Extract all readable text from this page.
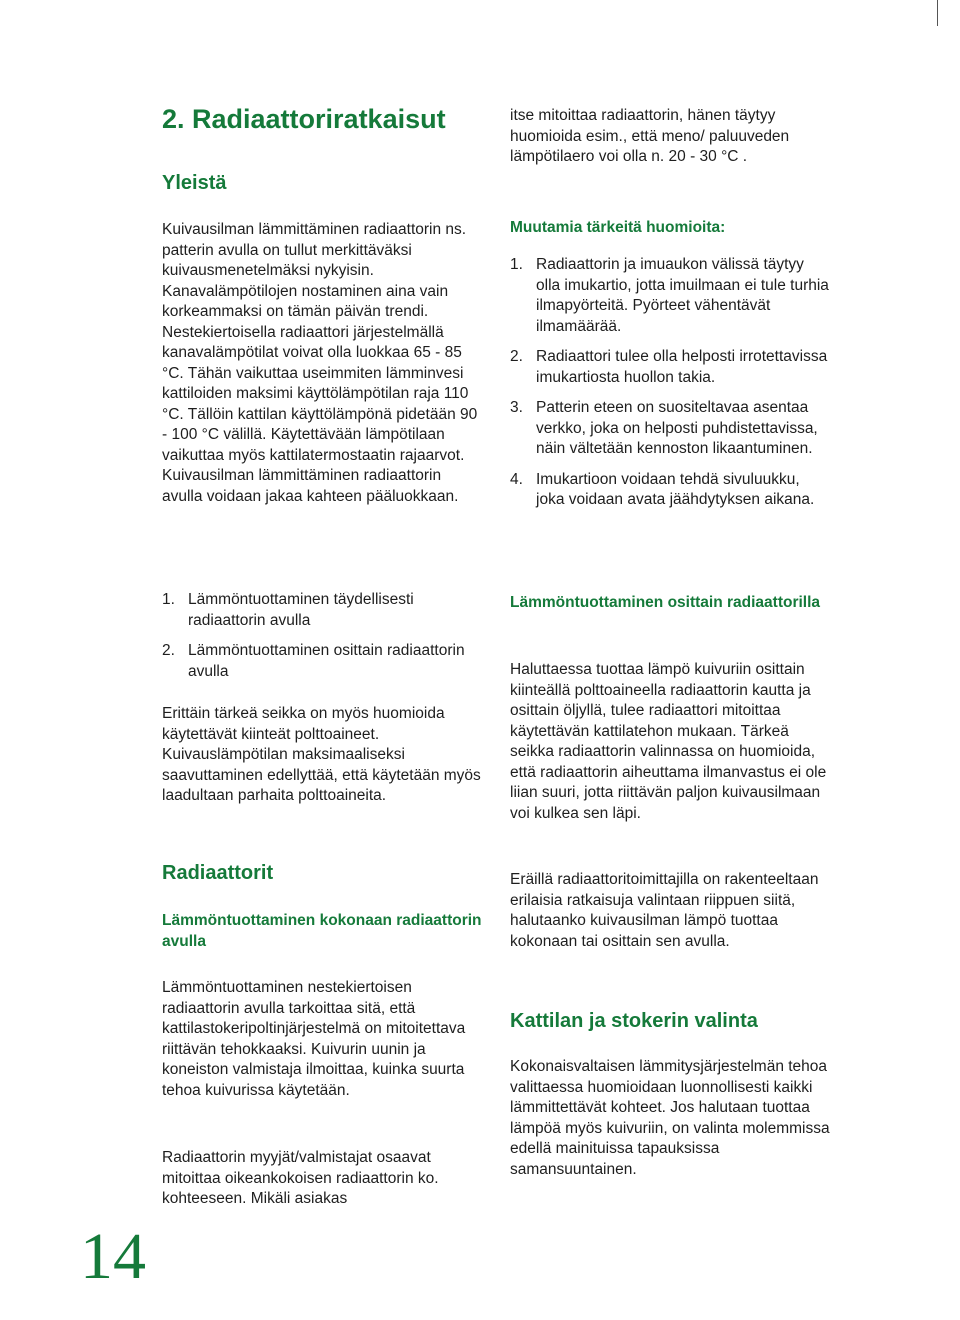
2. Radiaattoriratkaisut
Yleistä

Kuivausilman lämmittäminen radiaattorin ns. patterin avulla on tullut merkittäväksi kuivausmenetelmäksi nykyisin. Kanavalämpötilojen nostaminen aina vain korkeammaksi on tämän päivän trendi. Nestekiertoisella radiaattori järjestelmällä kanavalämpötilat voivat olla luokkaa 65 - 85 °C. Tähän vaikuttaa useimmiten lämminvesi kattiloiden maksimi käyttölämpötilan raja 110 °C. Tällöin kattilan käyttölämpönä pidetään 90 - 100 °C välillä. Käytettävään lämpötilaan vaikuttaa myös kattilatermostaatin rajaarvot. Kuivausilman lämmittäminen radiaattorin avulla voidaan jakaa kahteen pääluokkaan.

1. Lämmöntuottaminen täydellisesti radiaattorin avulla
2. Lämmöntuottaminen osittain radiaattorin avulla

Erittäin tärkeä seikka on myös huomioida käytettävät kiinteät polttoaineet. Kuivauslämpötilan maksimaaliseksi saavuttaminen edellyttää, että käytetään myös laadultaan parhaita polttoaineita.

Radiaattorit
Lämmöntuottaminen kokonaan radiaattorin avulla

Lämmöntuottaminen nestekiertoisen radiaattorin avulla tarkoittaa sitä, että kattilastokeripoltinjärjestelmä on mitoitettava riittävän tehokkaaksi. Kuivurin uunin ja koneiston valmistaja ilmoittaa, kuinka suurta tehoa kuivurissa käytetään.

Radiaattorin myyjät/valmistajat osaavat mitoittaa oikeankokoisen radiaattorin ko. kohteeseen. Mikäli asiakas

itse mitoittaa radiaattorin, hänen täytyy huomioida esim., että meno/ paluuveden lämpötilaero voi olla n. 20 - 30 °C .

Muutamia tärkeitä huomioita:
1. Radiaattorin ja imuaukon välissä täytyy olla imukartio, jotta imuilmaan ei tule turhia ilmapyörteitä. Pyörteet vähentävät ilmamäärää.
2. Radiaattori tulee olla helposti irrotettavissa imukartiosta huollon takia.
3. Patterin eteen on suositeltavaa asentaa verkko, joka on helposti puhdistettavissa, näin vältetään kennoston likaantuminen.
4. Imukartioon voidaan tehdä sivuluukku, joka voidaan avata jäähdytyksen aikana.
Lämmöntuottaminen osittain radiaattorilla

Haluttaessa tuottaa lämpö kuivuriin osittain kiinteällä polttoaineella radiaattorin kautta ja osittain öljyllä, tulee radiaattori mitoittaa käytettävän kattilatehon mukaan. Tärkeä seikka radiaattorin valinnassa on huomioida, että radiaattorin aiheuttama ilmanvastus ei ole liian suuri, jotta riittävän paljon kuivausilmaan voi kulkea sen läpi.

Eräillä radiaattoritoimittajilla on rakenteeltaan erilaisia ratkaisuja valintaan riippuen siitä, halutaanko kuivausilman lämpö tuottaa kokonaan tai osittain sen avulla.

Kattilan ja stokerin valinta

Kokonaisvaltaisen lämmitysjärjestelmän tehoa valittaessa huomioidaan luonnollisesti kaikki lämmittettävät kohteet. Jos halutaan tuottaa lämpöä myös kuivuriin, on valinta molemmissa edellä mainituissa tapauksissa samansuuntainen.

14
